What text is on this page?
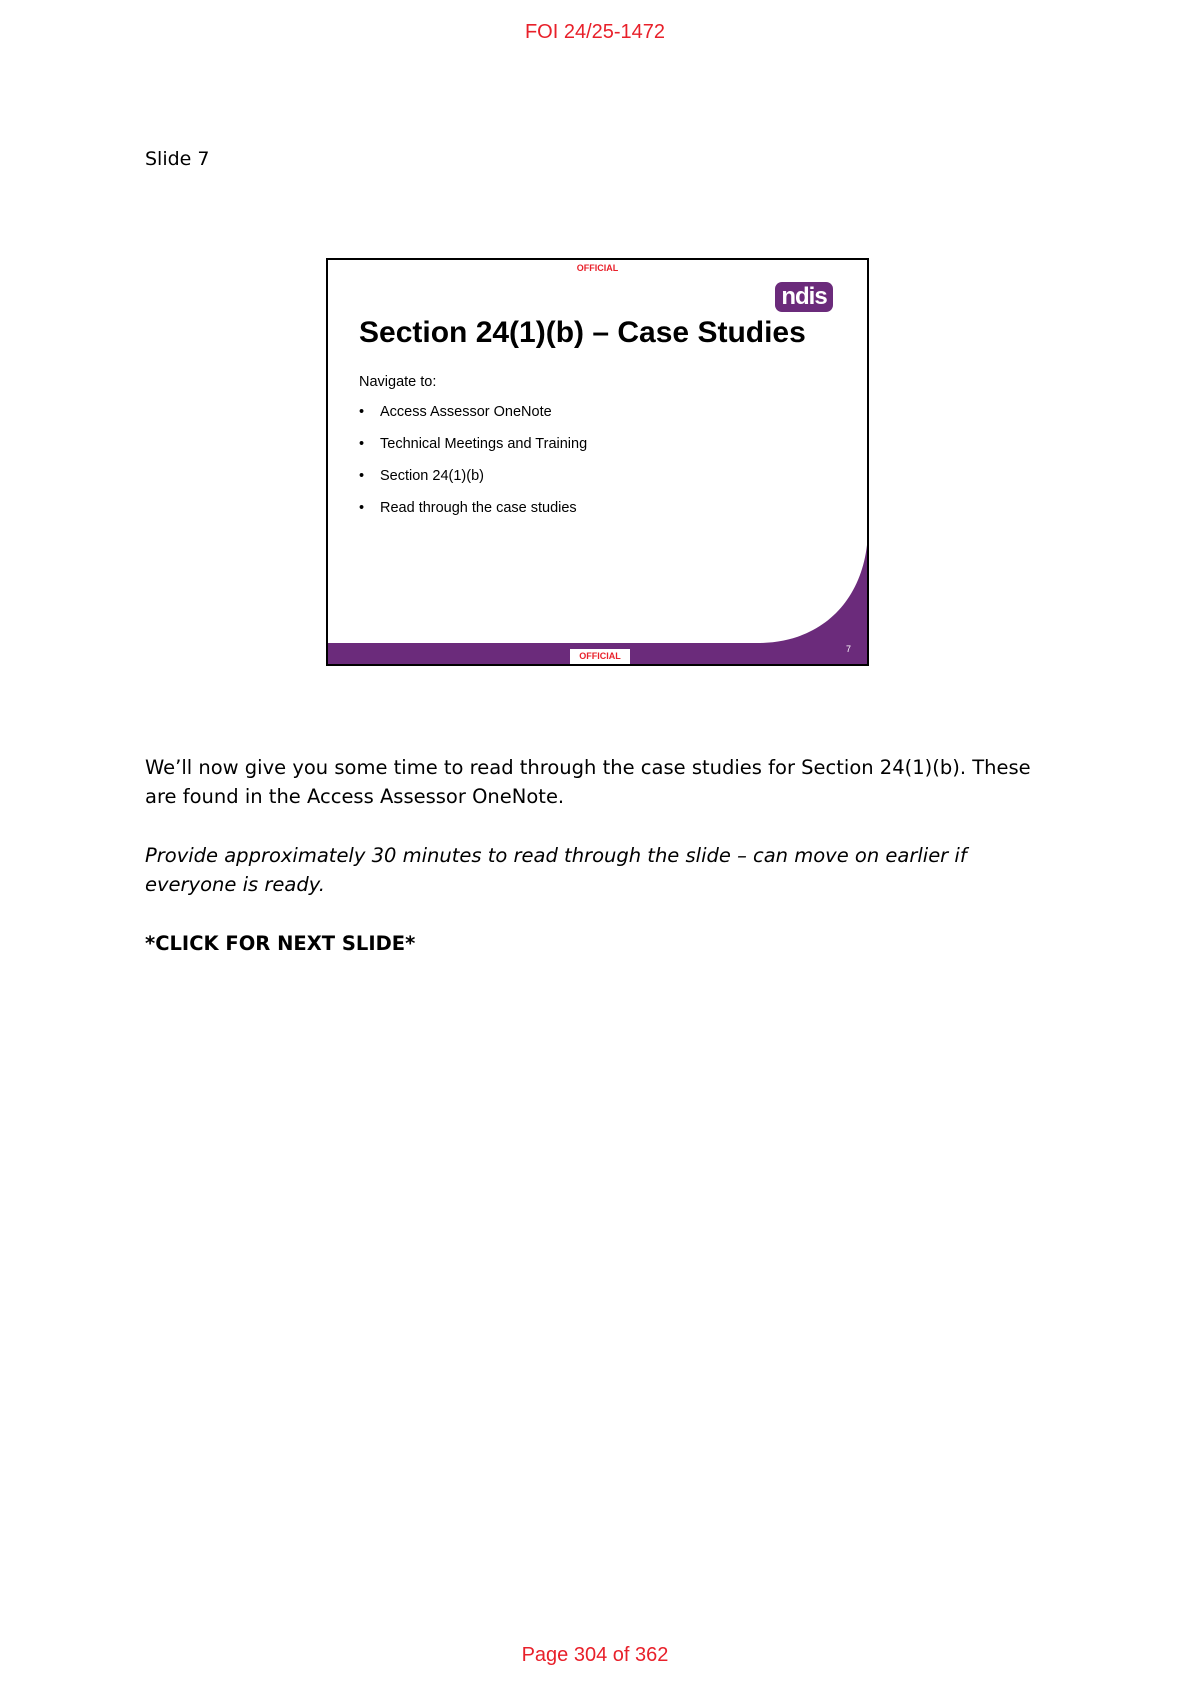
FOI 24/25-1472
Slide 7
OFFICIAL
ndis
Section 24(1)(b) – Case Studies
Navigate to:
• Access Assessor OneNote
• Technical Meetings and Training
• Section 24(1)(b)
• Read through the case studies
OFFICIAL
7
We’ll now give you some time to read through the case studies for Section 24(1)(b). These are found in the Access Assessor OneNote.
Provide approximately 30 minutes to read through the slide – can move on earlier if everyone is ready.
*CLICK FOR NEXT SLIDE*
Page 304 of 362
